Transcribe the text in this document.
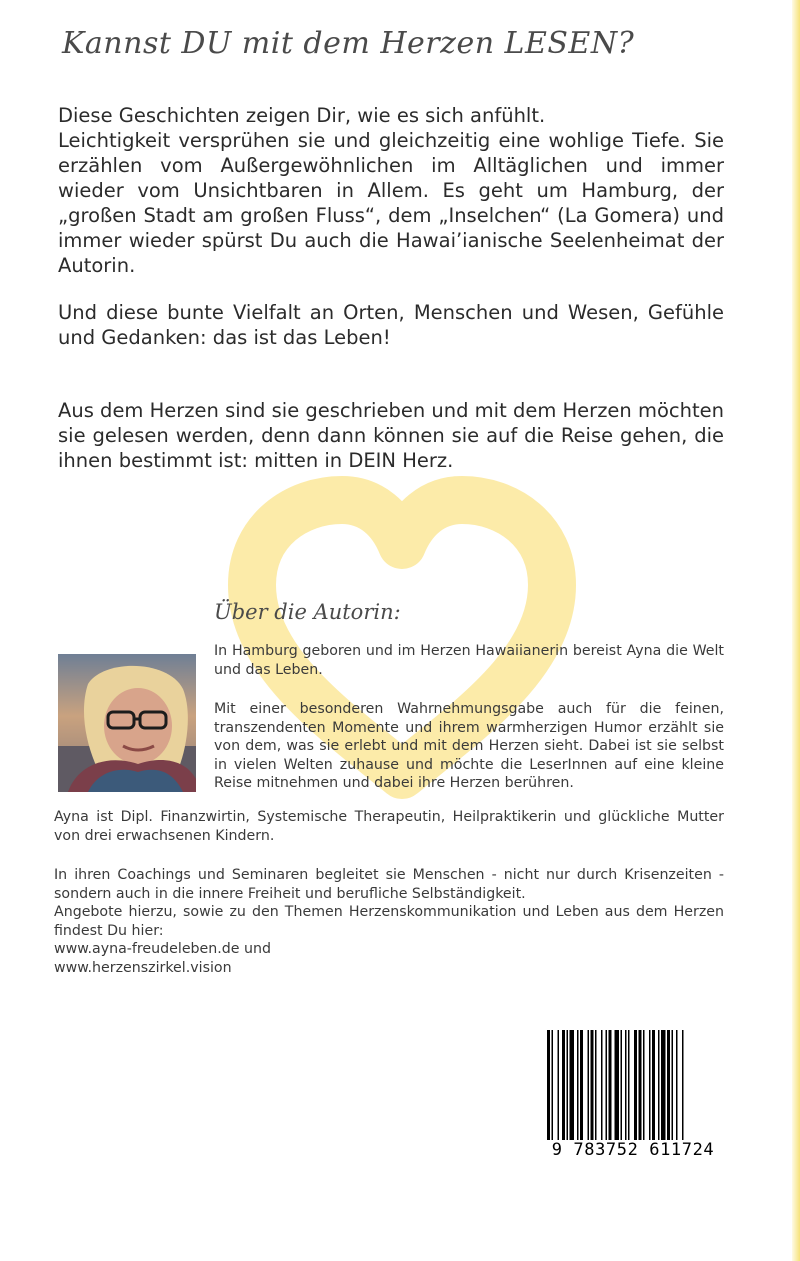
Kannst DU mit dem Herzen LESEN?

Diese Geschichten zeigen Dir, wie es sich anfühlt.

Leichtigkeit versprühen sie und gleichzeitig eine wohlige Tiefe. Sie erzählen vom Außergewöhnlichen im Alltäglichen und immer wieder vom Unsichtbaren in Allem. Es geht um Hamburg, der „großen Stadt am großen Fluss“, dem „Inselchen“ (La Gomera) und immer wieder spürst Du auch die Hawai’ianische Seelenheimat der Autorin.

Und diese bunte Vielfalt an Orten, Menschen und Wesen, Gefühle und Gedanken: das ist das Leben!

Aus dem Herzen sind sie geschrieben und mit dem Herzen möchten sie gelesen werden, denn dann können sie auf die Reise gehen, die ihnen bestimmt ist: mitten in DEIN Herz.

Über die Autorin:

In Hamburg geboren und im Herzen Hawaiianerin bereist Ayna die Welt und das Leben.

Mit einer besonderen Wahrnehmungsgabe auch für die feinen, transzendenten Momente und ihrem warmherzigen Humor erzählt sie von dem, was sie erlebt und mit dem Herzen sieht. Dabei ist sie selbst in vielen Welten zuhause und möchte die LeserInnen auf eine kleine Reise mitnehmen und dabei ihre Herzen berühren.

Ayna ist Dipl. Finanzwirtin, Systemische Therapeutin, Heilpraktikerin und glückliche Mutter von drei erwachsenen Kindern.

In ihren Coachings und Seminaren begleitet sie Menschen - nicht nur durch Krisenzeiten - sondern auch in die innere Freiheit und berufliche Selbständigkeit.

Angebote hierzu, sowie zu den Themen Herzenskommunikation und Leben aus dem Herzen findest Du hier:

www.ayna-freudeleben.de und

www.herzenszirkel.vision

9 783752 611724
